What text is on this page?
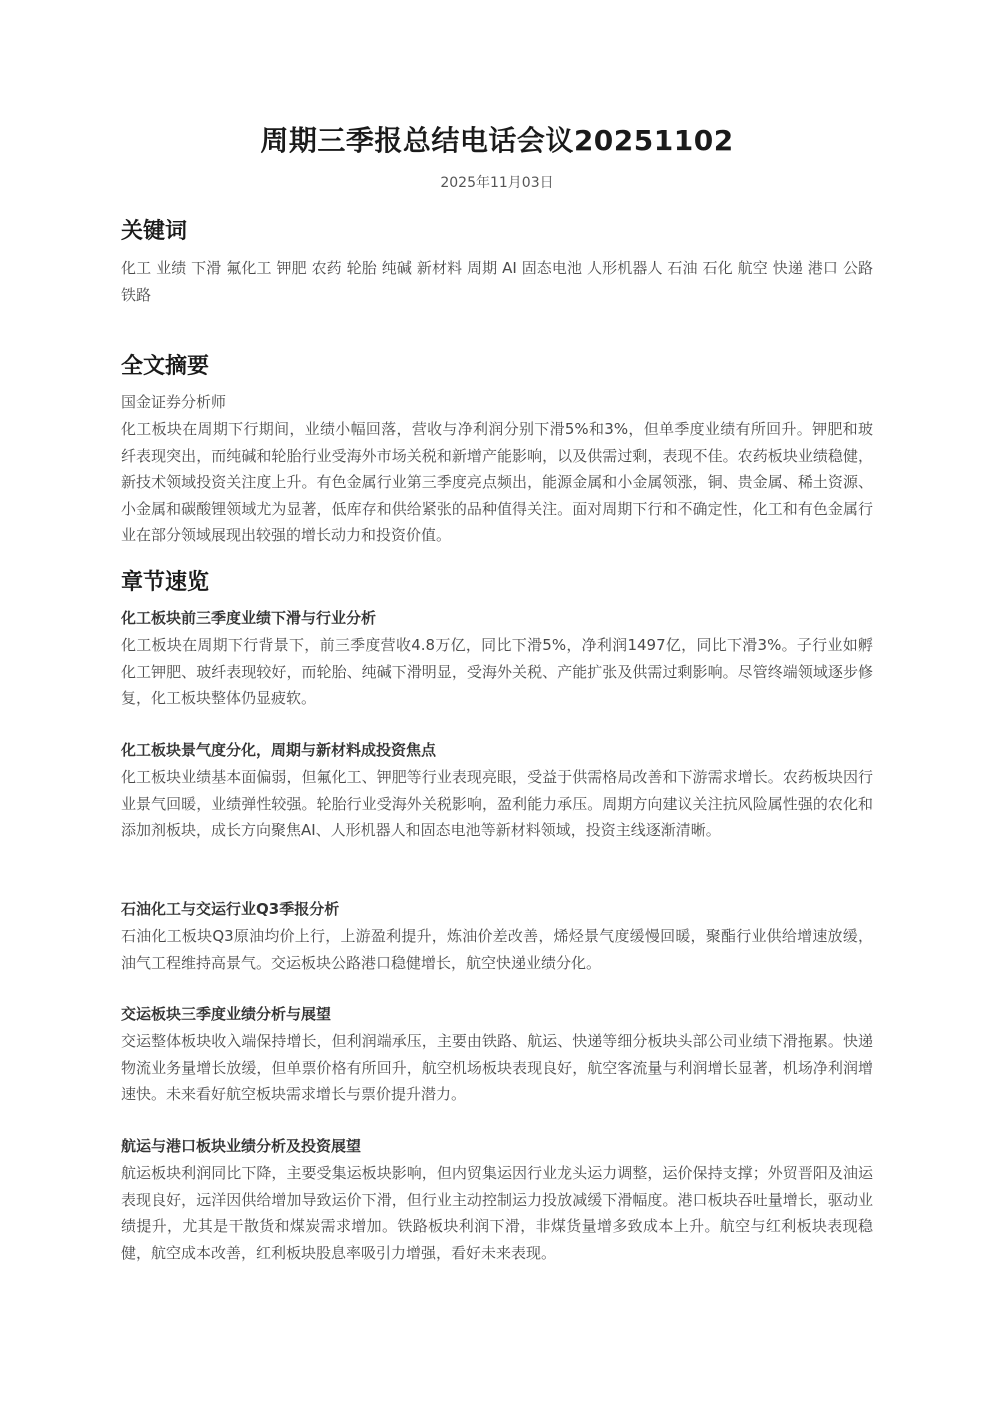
周期三季报总结电话会议20251102
2025年11月03日
关键词

化工 业绩 下滑 氟化工 钾肥 农药 轮胎 纯碱 新材料 周期 AI 固态电池 人形机器人 石油 石化 航空 快递 港口 公路 铁路

全文摘要
国金证券分析师

化工板块在周期下行期间，业绩小幅回落，营收与净利润分别下滑5%和3%，但单季度业绩有所回升。钾肥和玻纤表现突出，而纯碱和轮胎行业受海外市场关税和新增产能影响，以及供需过剩，表现不佳。农药板块业绩稳健，新技术领域投资关注度上升。有色金属行业第三季度亮点频出，能源金属和小金属领涨，铜、贵金属、稀土资源、小金属和碳酸锂领域尤为显著，低库存和供给紧张的品种值得关注。面对周期下行和不确定性，化工和有色金属行业在部分领域展现出较强的增长动力和投资价值。

章节速览
化工板块前三季度业绩下滑与行业分析

化工板块在周期下行背景下，前三季度营收4.8万亿，同比下滑5%，净利润1497亿，同比下滑3%。子行业如孵化工钾肥、玻纤表现较好，而轮胎、纯碱下滑明显，受海外关税、产能扩张及供需过剩影响。尽管终端领域逐步修复，化工板块整体仍显疲软。

化工板块景气度分化，周期与新材料成投资焦点

化工板块业绩基本面偏弱，但氟化工、钾肥等行业表现亮眼，受益于供需格局改善和下游需求增长。农药板块因行业景气回暖，业绩弹性较强。轮胎行业受海外关税影响，盈利能力承压。周期方向建议关注抗风险属性强的农化和添加剂板块，成长方向聚焦AI、人形机器人和固态电池等新材料领域，投资主线逐渐清晰。

石油化工与交运行业Q3季报分析

石油化工板块Q3原油均价上行，上游盈利提升，炼油价差改善，烯烃景气度缓慢回暖，聚酯行业供给增速放缓，油气工程维持高景气。交运板块公路港口稳健增长，航空快递业绩分化。

交运板块三季度业绩分析与展望

交运整体板块收入端保持增长，但利润端承压，主要由铁路、航运、快递等细分板块头部公司业绩下滑拖累。快递物流业务量增长放缓，但单票价格有所回升，航空机场板块表现良好，航空客流量与利润增长显著，机场净利润增速快。未来看好航空板块需求增长与票价提升潜力。

航运与港口板块业绩分析及投资展望

航运板块利润同比下降，主要受集运板块影响，但内贸集运因行业龙头运力调整，运价保持支撑；外贸晋阳及油运表现良好，远洋因供给增加导致运价下滑，但行业主动控制运力投放减缓下滑幅度。港口板块吞吐量增长，驱动业绩提升，尤其是干散货和煤炭需求增加。铁路板块利润下滑，非煤货量增多致成本上升。航空与红利板块表现稳健，航空成本改善，红利板块股息率吸引力增强，看好未来表现。
